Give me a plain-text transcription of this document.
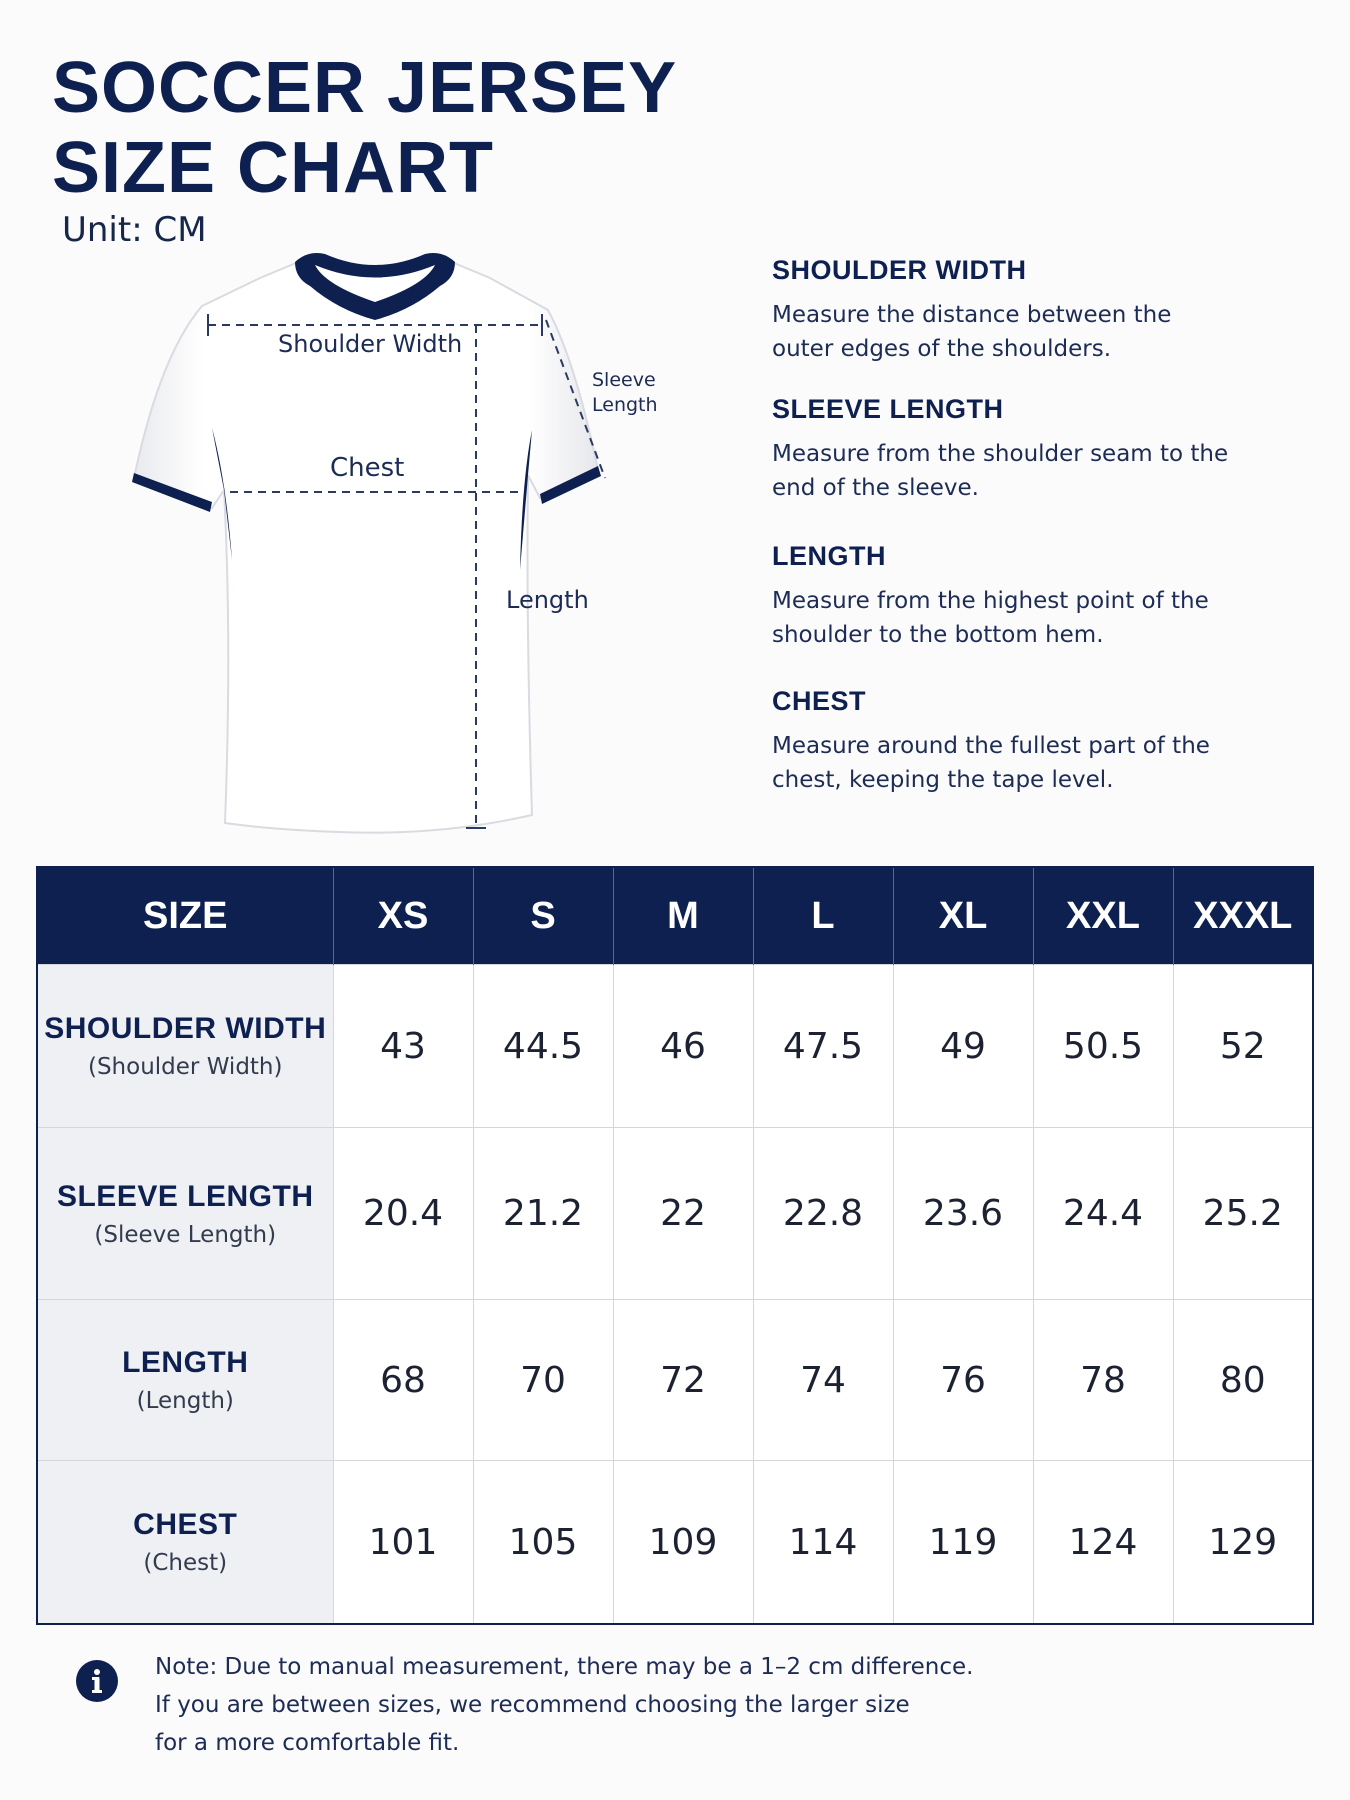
SOCCER JERSEY
SIZE CHART
Unit: CM
Shoulder Width
Sleeve Length
Chest
Length

SHOULDER WIDTH

Measure the distance between the outer edges of the shoulders.

SLEEVE LENGTH

Measure from the shoulder seam to the end of the sleeve.

LENGTH

Measure from the highest point of the shoulder to the bottom hem.

CHEST

Measure around the fullest part of the chest, keeping the tape level.

SIZE	XS	S	M	L	XL	XXL	XXXL

SHOULDER WIDTH
(Shoulder Width)	43	44.5	46	47.5	49	50.5	52

SLEEVE LENGTH
(Sleeve Length)	20.4	21.2	22	22.8	23.6	24.4	25.2

LENGTH
(Length)	68	70	72	74	76	78	80

CHEST
(Chest)	101	105	109	114	119	124	129
Note: Due to manual measurement, there may be a 1–2 cm difference.
If you are between sizes, we recommend choosing the larger size
for a more comfortable fit.
